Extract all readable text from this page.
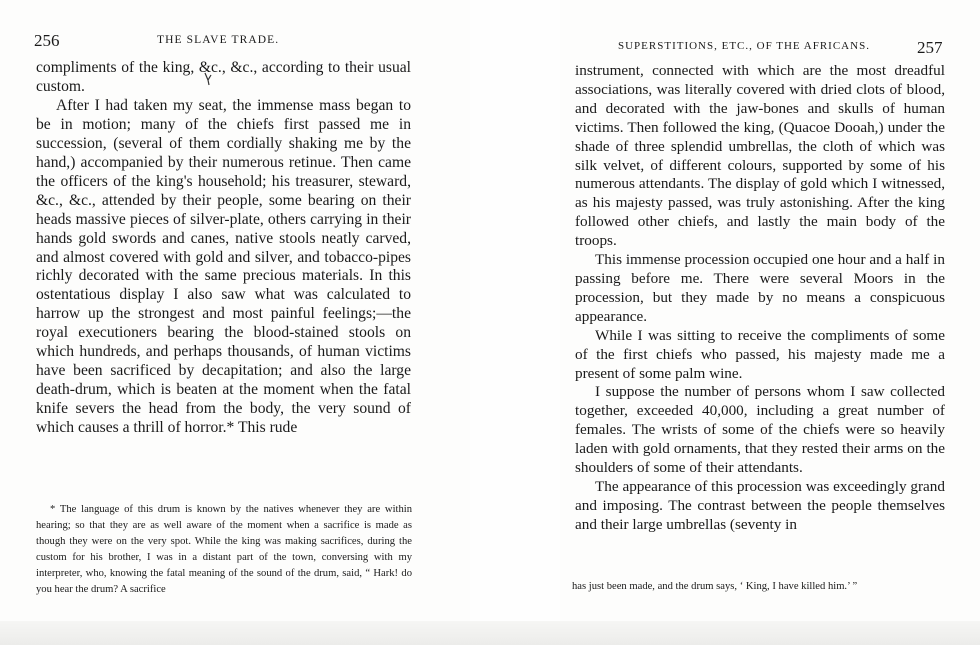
256	THE SLAVE TRADE.

compliments of the king, &c., &c., according to their usual custom.

After I had taken my seat, the immense mass began to be in motion; many of the chiefs first passed me in succession, (several of them cordially shaking me by the hand,) accompanied by their numerous retinue. Then came the officers of the king's household; his treasurer, steward, &c., &c., attended by their people, some bearing on their heads massive pieces of silver-plate, others carrying in their hands gold swords and canes, native stools neatly carved, and almost covered with gold and silver, and tobacco-pipes richly decorated with the same precious materials. In this ostentatious display I also saw what was calculated to harrow up the strongest and most painful feelings;—the royal executioners bearing the blood-stained stools on which hundreds, and perhaps thousands, of human victims have been sacrificed by decapitation; and also the large death-drum, which is beaten at the moment when the fatal knife severs the head from the body, the very sound of which causes a thrill of horror.* This rude

* The language of this drum is known by the natives whenever they are within hearing; so that they are as well aware of the moment when a sacrifice is made as though they were on the very spot. While the king was making sacrifices, during the custom for his brother, I was in a distant part of the town, conversing with my interpreter, who, knowing the fatal meaning of the sound of the drum, said, “ Hark! do you hear the drum? A sacrifice

SUPERSTITIONS, ETC., OF THE AFRICANS.	257

instrument, connected with which are the most dreadful associations, was literally covered with dried clots of blood, and decorated with the jaw-bones and skulls of human victims. Then followed the king, (Quacoe Dooah,) under the shade of three splendid umbrellas, the cloth of which was silk velvet, of different colours, supported by some of his numerous attendants. The display of gold which I witnessed, as his majesty passed, was truly astonishing. After the king followed other chiefs, and lastly the main body of the troops.

This immense procession occupied one hour and a half in passing before me. There were several Moors in the procession, but they made by no means a conspicuous appearance.

While I was sitting to receive the compliments of some of the first chiefs who passed, his majesty made me a present of some palm wine.

I suppose the number of persons whom I saw collected together, exceeded 40,000, including a great number of females. The wrists of some of the chiefs were so heavily laden with gold ornaments, that they rested their arms on the shoulders of some of their attendants.

The appearance of this procession was exceedingly grand and imposing. The contrast between the people themselves and their large umbrellas (seventy in

has just been made, and the drum says, ‘ King, I have killed him.’ ”
